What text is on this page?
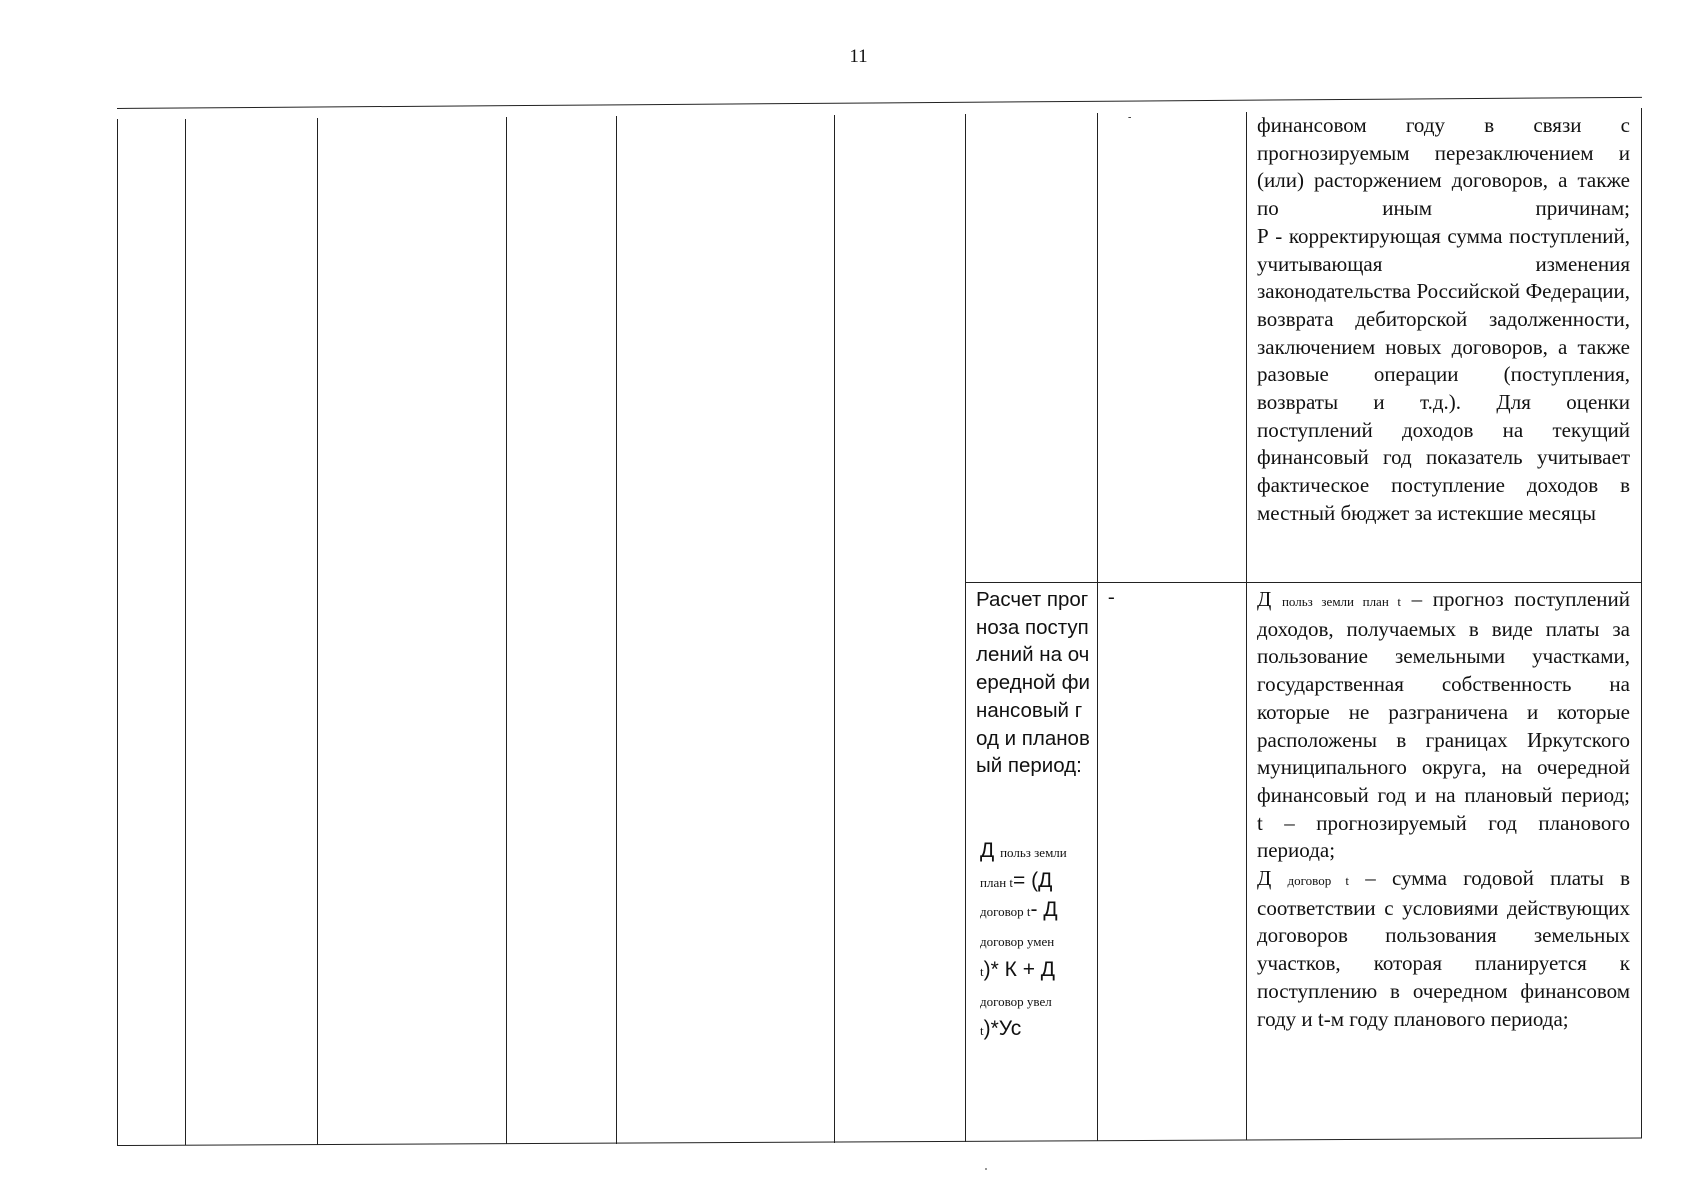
11
-	финансовом году в связи с прогнозируемым перезаключением и (или) расторжением договоров, а также по иным причинам;

Р - корректирующая сумма поступлений, учитывающая изменения законодательства Российской Федерации, возврата дебиторской задолженности, заключением новых договоров, а также разовые операции (поступления, возвраты и т.д.). Для оценки поступлений доходов на текущий финансовый год показатель учитывает фактическое поступление доходов в местный бюджет за истекшие месяцы

Расчет прогноза поступлений на очередной финансовый год и плановый период:

Д польз земли
план t= (Д
договор t- Д
договор умен
t)* К + Д
договор увел
t)*Ус
-	Д польз земли план t – прогноз поступлений доходов, получаемых в виде платы за пользование земельными участками, государственная собственность на которые не разграничена и которые расположены в границах Иркутского муниципального округа, на очередной финансовый год и на плановый период;

t – прогнозируемый год планового периода;

Д договор t – сумма годовой платы в соответствии с условиями действующих договоров пользования земельных участков, которая планируется к поступлению в очередном финансовом году и t-м году планового периода;
